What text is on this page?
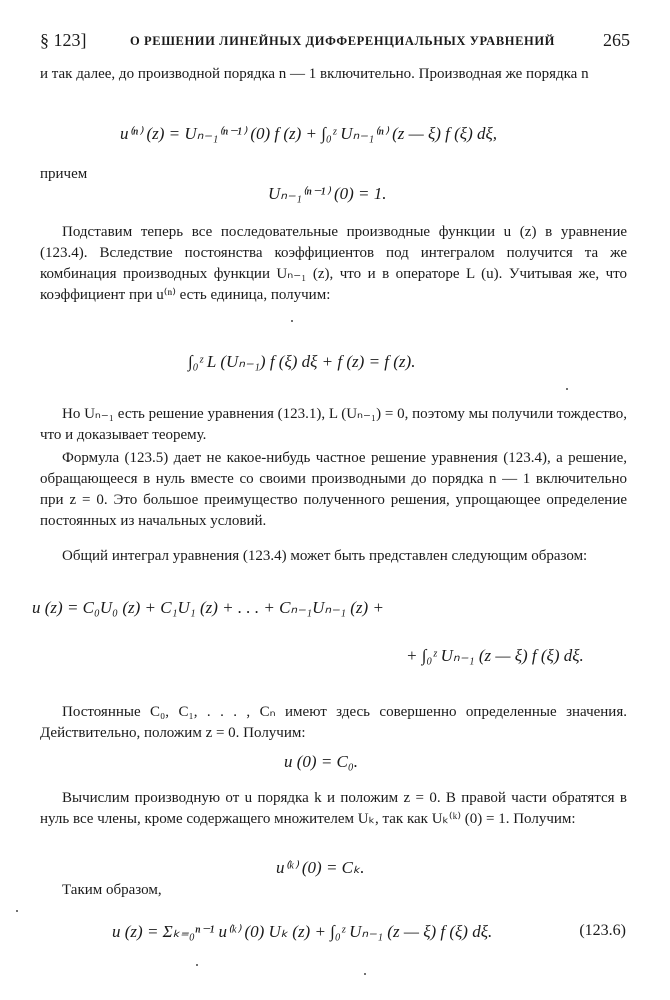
§ 123]	О РЕШЕНИИ ЛИНЕЙНЫХ ДИФФЕРЕНЦИАЛЬНЫХ УРАВНЕНИЙ	265
и так далее, до производной порядка n — 1 включительно. Производная же порядка n
u⁽ⁿ⁾ (z) = Uₙ₋₁⁽ⁿ⁻¹⁾ (0) f (z) + ∫₀ᶻ Uₙ₋₁⁽ⁿ⁾ (z — ξ) f (ξ) dξ,
причем
Uₙ₋₁⁽ⁿ⁻¹⁾ (0) = 1.
Подставим теперь все последовательные производные функции u (z) в уравнение (123.4). Вследствие постоянства коэффициентов под интегралом получится та же комбинация производных функции Uₙ₋₁ (z), что и в операторе L (u). Учитывая же, что коэффициент при u⁽ⁿ⁾ есть единица, получим:
∫₀ᶻ L (Uₙ₋₁) f (ξ) dξ + f (z) = f (z).
Но Uₙ₋₁ есть решение уравнения (123.1), L (Uₙ₋₁) = 0, поэтому мы получили тождество, что и доказывает теорему.
Формула (123.5) дает не какое-нибудь частное решение уравнения (123.4), а решение, обращающееся в нуль вместе со своими производными до порядка n — 1 включительно при z = 0. Это большое преимущество полученного решения, упрощающее определение постоянных из начальных условий.
Общий интеграл уравнения (123.4) может быть представлен следующим образом:
u (z) = C₀U₀ (z) + C₁U₁ (z) + . . . + Cₙ₋₁Uₙ₋₁ (z) +
+ ∫₀ᶻ Uₙ₋₁ (z — ξ) f (ξ) dξ.
Постоянные C₀, C₁, . . . , Cₙ имеют здесь совершенно определенные значения. Действительно, положим z = 0. Получим:
u (0) = C₀.
Вычислим производную от u порядка k и положим z = 0. В правой части обратятся в нуль все члены, кроме содержащего множителем Uₖ, так как Uₖ⁽ᵏ⁾ (0) = 1. Получим:
u⁽ᵏ⁾ (0) = Cₖ.
Таким образом,
u (z) = Σₖ₌₀ⁿ⁻¹ u⁽ᵏ⁾ (0) Uₖ (z) + ∫₀ᶻ Uₙ₋₁ (z — ξ) f (ξ) dξ.	(123.6)
